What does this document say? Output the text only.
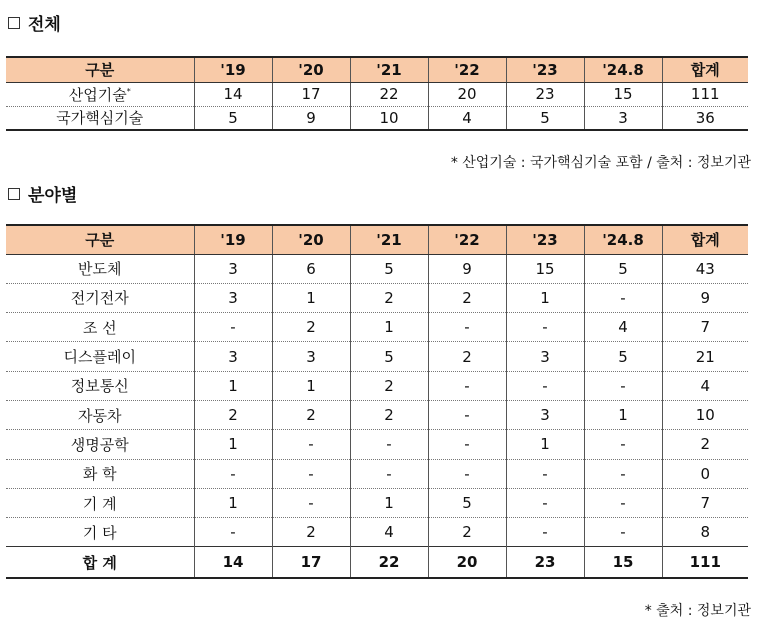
전체
구분	'19	'20	'21	'22	'23	'24.8	합계
산업기술*	14	17	22	20	23	15	111
국가핵심기술	5	9	10	4	5	3	36
* 산업기술 : 국가핵심기술 포함 / 출처 : 정보기관
분야별
구분	'19	'20	'21	'22	'23	'24.8	합계
반도체	3	6	5	9	15	5	43
전기전자	3	1	2	2	1	-	9
조 선	-	2	1	-	-	4	7
디스플레이	3	3	5	2	3	5	21
정보통신	1	1	2	-	-	-	4
자동차	2	2	2	-	3	1	10
생명공학	1	-	-	-	1	-	2
화 학	-	-	-	-	-	-	0
기 계	1	-	1	5	-	-	7
기 타	-	2	4	2	-	-	8
합 계	14	17	22	20	23	15	111
* 출처 : 정보기관
